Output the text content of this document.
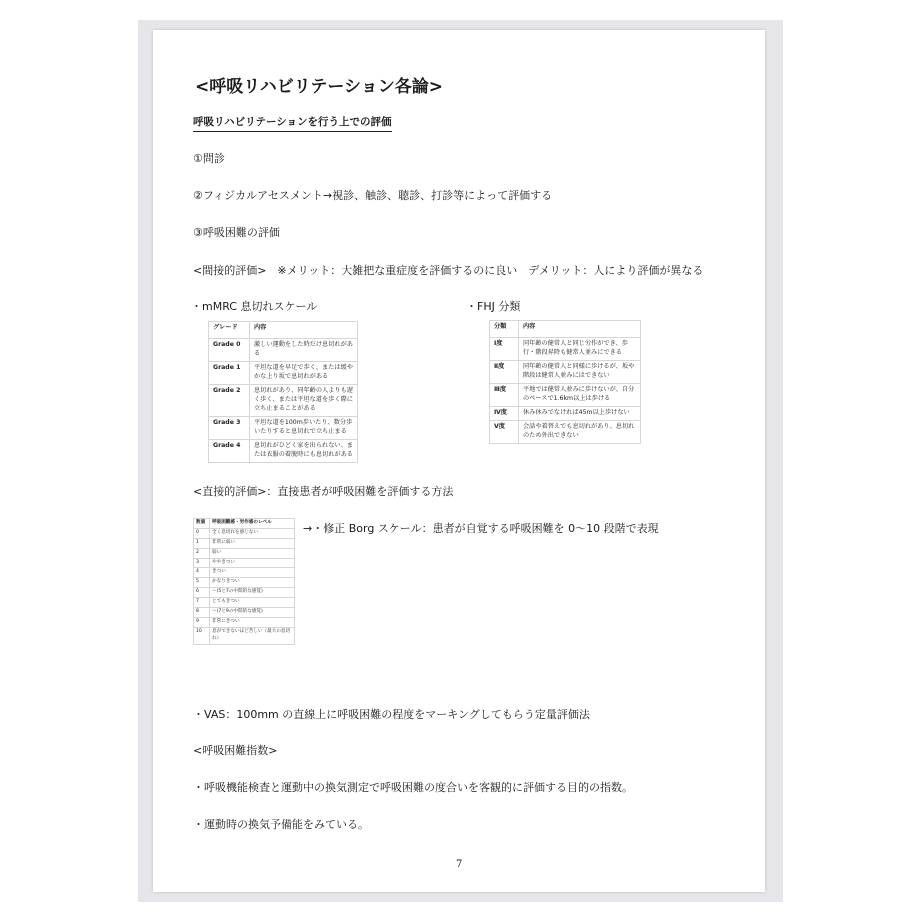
<呼吸リハビリテーション各論>
呼吸リハビリテーションを行う上での評価
①問診
②フィジカルアセスメント→視診、触診、聴診、打診等によって評価する
③呼吸困難の評価
<間接的評価>　※メリット：大雑把な重症度を評価するのに良い　デメリット：人により評価が異なる
・mMRC 息切れスケール	・FHJ 分類
グレード	内容
Grade 0	激しい運動をした時だけ息切れがある
Grade 1	平坦な道を早足で歩く、または緩やかな上り坂で息切れがある
Grade 2	息切れがあり、同年齢の人よりも遅く歩く、または平坦な道を歩く際に立ち止まることがある
Grade 3	平坦な道を100m歩いたり、数分歩いたりすると息切れで立ち止まる
Grade 4	息切れがひどく家を出られない、または衣服の着脱時にも息切れがある
分類	内容
Ⅰ度	同年齢の健常人と同じ労作ができ、歩行・階段昇降も健常人並みにできる
Ⅱ度	同年齢の健常人と同様に歩けるが、坂や階段は健常人並みにはできない
Ⅲ度	平地では健常人並みに歩けないが、自分のペースで1.6km以上は歩ける
Ⅳ度	休み休みでなければ45m以上歩けない
Ⅴ度	会話や着替えでも息切れがあり、息切れのため外出できない
<直接的評価>：直接患者が呼吸困難を評価する方法
数値	呼吸困難感・労作感のレベル
0	全く息切れを感じない
1	非常に弱い
2	弱い
3	ややきつい
4	きつい
5	かなりきつい
6	〜(5と7の中間的な感覚)
7	とてもきつい
8	〜(7と9の中間的な感覚)
9	非常にきつい
10	息ができないほど苦しい（最大の息切れ）
→・修正 Borg スケール：患者が自覚する呼吸困難を 0〜10 段階で表現
・VAS：100mm の直線上に呼吸困難の程度をマーキングしてもらう定量評価法
<呼吸困難指数>
・呼吸機能検査と運動中の換気測定で呼吸困難の度合いを客観的に評価する目的の指数。
・運動時の換気予備能をみている。
7
